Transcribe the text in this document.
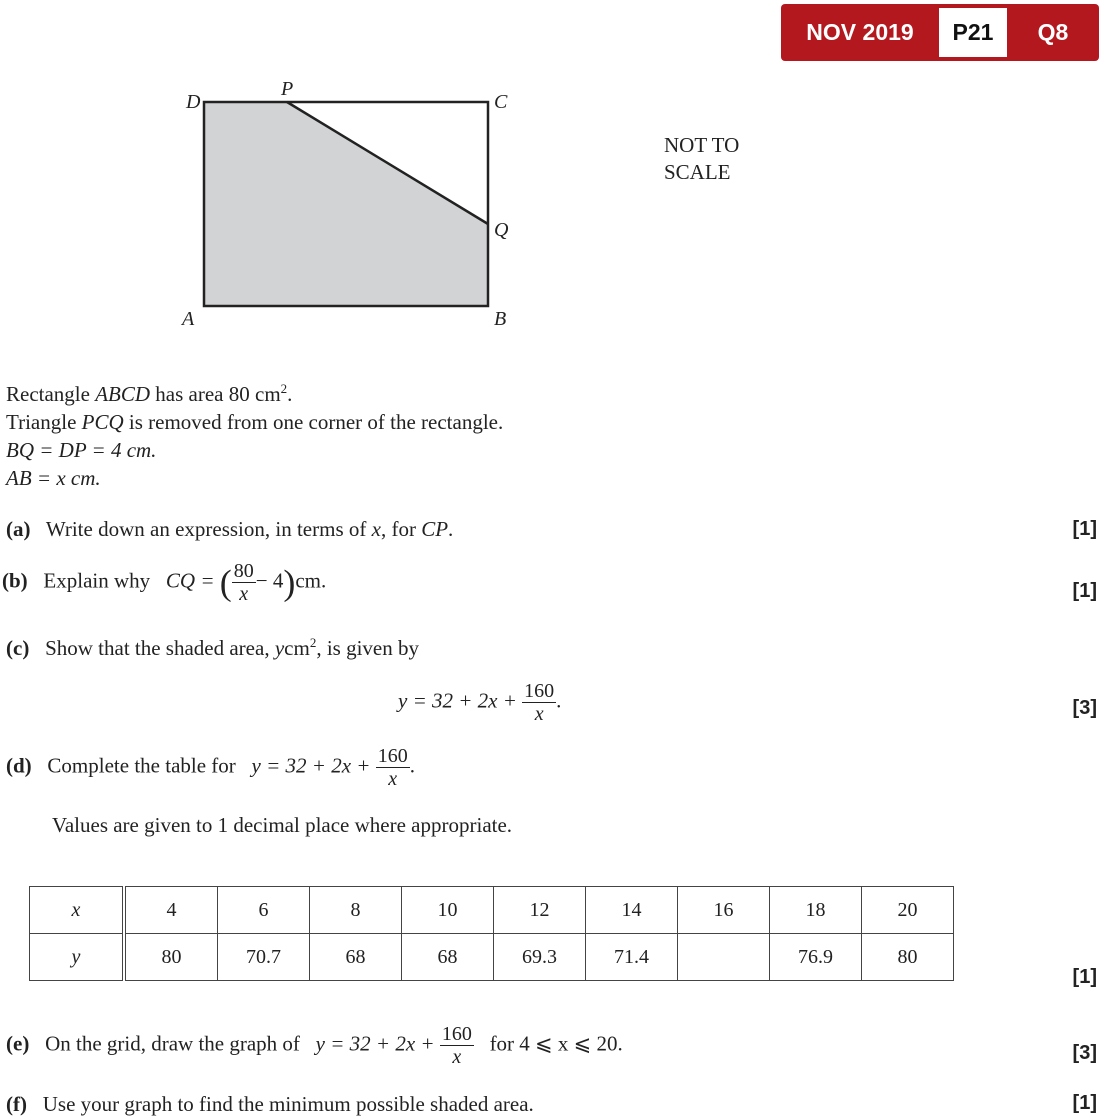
NOV 2019	P21	Q8
D
P
C
Q
A	B
NOT TO
SCALE
Rectangle ABCD has area 80 $cm^2$.
Triangle PCQ is removed from one corner of the rectangle.
BQ = DP = 4 cm.
AB = x cm.
(a) Write down an expression, in terms of x, for CP.	[1]
(b) Explain why CQ = ( $\frac{80}{x} - 4)cm$.	[1]
(c) Show that the shaded area, ycm$^2$, is given by
$y = 32 + 2x + \frac{160}{x}$ .	[3]
(d) Complete the table for $y = 32 + 2x + \frac{160}{x}$ .
Values are given to 1 decimal place where appropriate.
x	4	6	8	10	12	14	16	18	20
y	80	70.7	68	68	69.3	71.4		76.9	80
[1]
(e) On the grid, draw the graph of $y = 32 + 2x + \frac{160}{x}$ for 4 ⩽ x ⩽ 20.	[3]
(f) Use your graph to find the minimum possible shaded area.	[1]
